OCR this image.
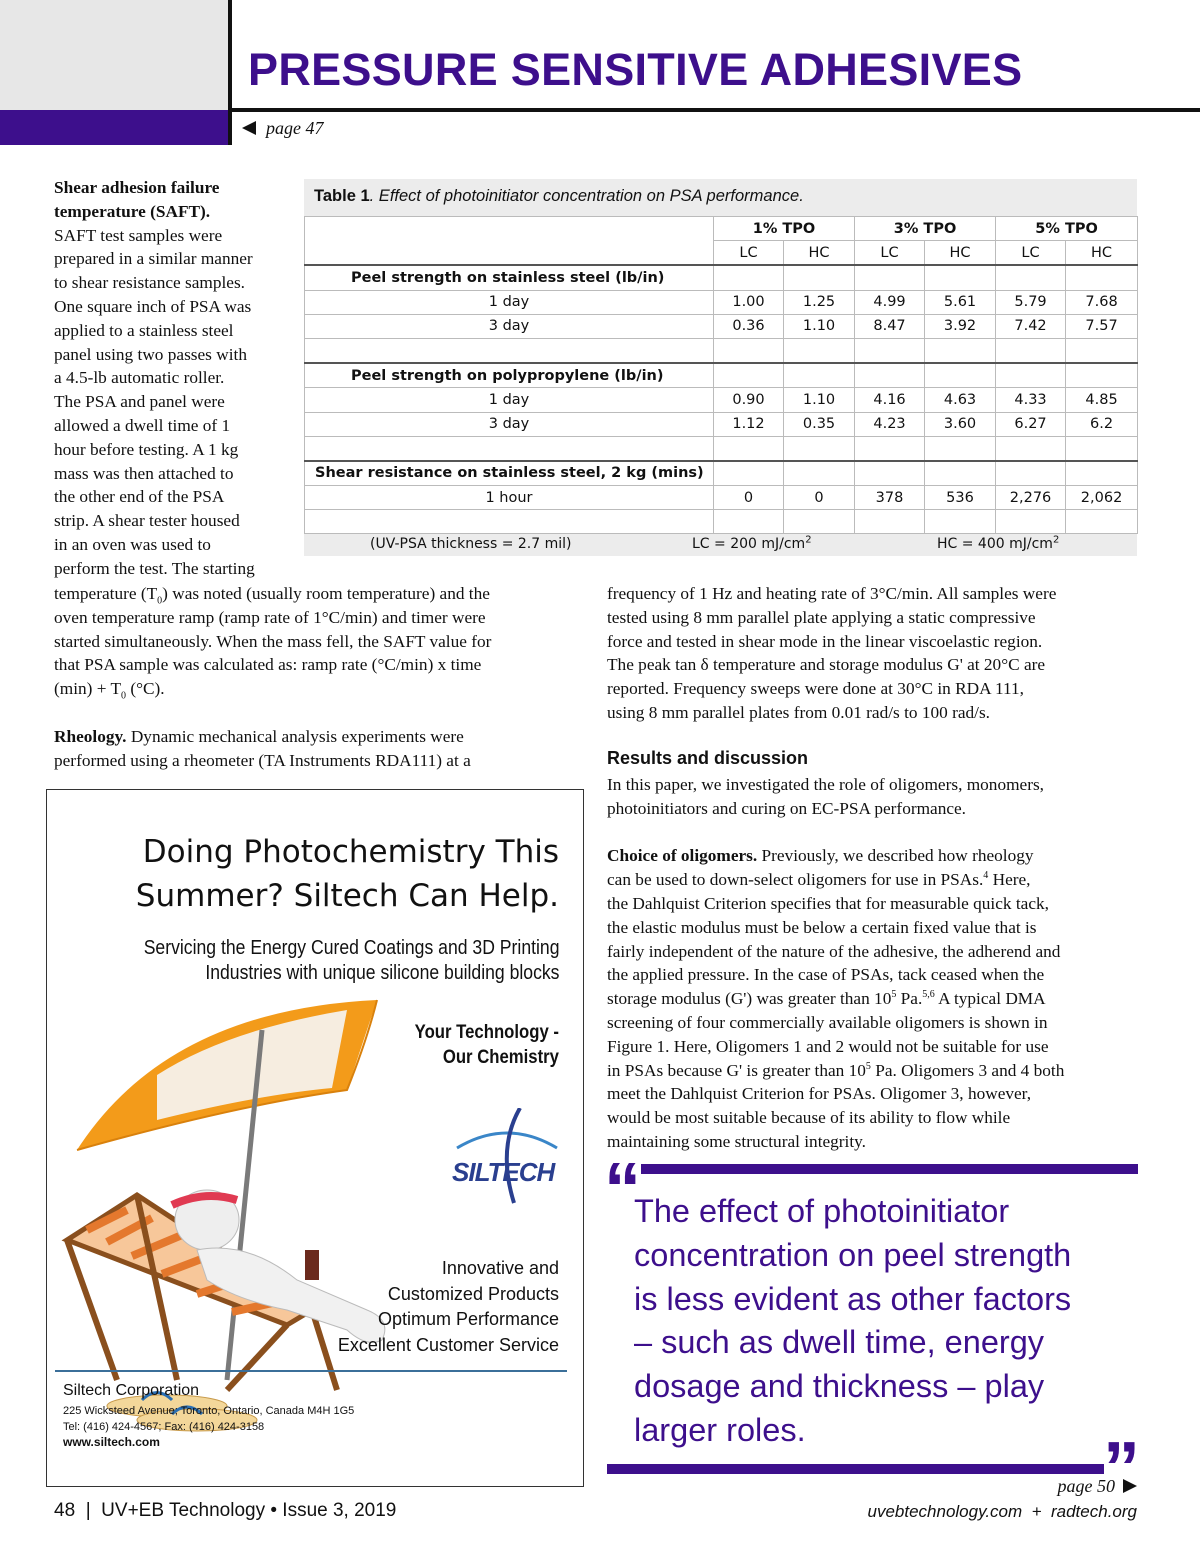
PRESSURE SENSITIVE ADHESIVES
page 47
Shear adhesion failure
temperature (SAFT).
SAFT test samples were
prepared in a similar manner
to shear resistance samples.
One square inch of PSA was
applied to a stainless steel
panel using two passes with
a 4.5-lb automatic roller.
The PSA and panel were
allowed a dwell time of 1
hour before testing. A 1 kg
mass was then attached to
the other end of the PSA
strip. A shear tester housed
in an oven was used to
perform the test. The starting
temperature $(T_0)$ was noted (usually room temperature) and the
oven temperature ramp (ramp rate of 1°C/min) and timer were
started simultaneously. When the mass fell, the SAFT value for
that PSA sample was calculated as: ramp rate (°C/min) x time
$(\min) + T_0$ (°C).
Rheology. Dynamic mechanical analysis experiments were
performed using a rheometer (TA Instruments RDA111) at a
Table 1. Effect of photoinitiator concentration on PSA performance.
	1% TPO		3% TPO		5% TPO	
	LC	HC	LC	HC	LC	HC
Peel strength on stainless steel (lb/in)						
1 day	1.00	1.25	4.99	5.61	5.79	7.68
3 day	0.36	1.10	8.47	3.92	7.42	7.57

Peel strength on polypropylene (lb/in)						
1 day	0.90	1.10	4.16	4.63	4.33	4.85
3 day	1.12	0.35	4.23	3.60	6.27	6.2

Shear resistance on stainless steel, 2 kg (mins)						
1 hour	0	0	378	536	2,276	2,062

(UV-PSA thickness = 2.7 mil)	LC = 200 $mJ/cm^2$	HC = 400 $mJ/cm^2$
frequency of 1 Hz and heating rate of 3°C/min. All samples were
tested using 8 mm parallel plate applying a static compressive
force and tested in shear mode in the linear viscoelastic region.
The peak tan δ temperature and storage modulus G' at 20°C are
reported. Frequency sweeps were done at 30°C in RDA 111,
using 8 mm parallel plates from 0.01 rad/s to 100 rad/s.
Results and discussion
In this paper, we investigated the role of oligomers, monomers,
photoinitiators and curing on EC-PSA performance.
Choice of oligomers. Previously, we described how rheology
can be used to down-select oligomers for use in PSAs.$^4$ Here,
the Dahlquist Criterion specifies that for measurable quick tack,
the elastic modulus must be below a certain fixed value that is
fairly independent of the nature of the adhesive, the adherend and
the applied pressure. In the case of PSAs, tack ceased when the
storage modulus (G') was greater than $10^5$ Pa.$^{5,6}$ A typical DMA
screening of four commercially available oligomers is shown in
Figure 1. Here, Oligomers 1 and 2 would not be suitable for use
in PSAs because G' is greater than $10^5$ Pa. Oligomers 3 and 4 both
meet the Dahlquist Criterion for PSAs. Oligomer 3, however,
would be most suitable because of its ability to flow while
maintaining some structural integrity.
“
The effect of photoinitiator
concentration on peel strength
is less evident as other factors
– such as dwell time, energy
dosage and thickness – play
larger roles.	”
Doing Photochemistry This
Summer? Siltech Can Help.
Servicing the Energy Cured Coatings and 3D Printing
Industries with unique silicone building blocks
Your Technology -
Our Chemistry
SILTECH
Innovative and
Customized Products
Optimum Performance
Excellent Customer Service
Siltech Corporation
225 Wicksteed Avenue; Toronto, Ontario, Canada M4H 1G5
Tel: (416) 424-4567; Fax: (416) 424-3158
www.siltech.com
page 50
48  |  UV+EB Technology • Issue 3, 2019	uvebtechnology.com  +  radtech.org
